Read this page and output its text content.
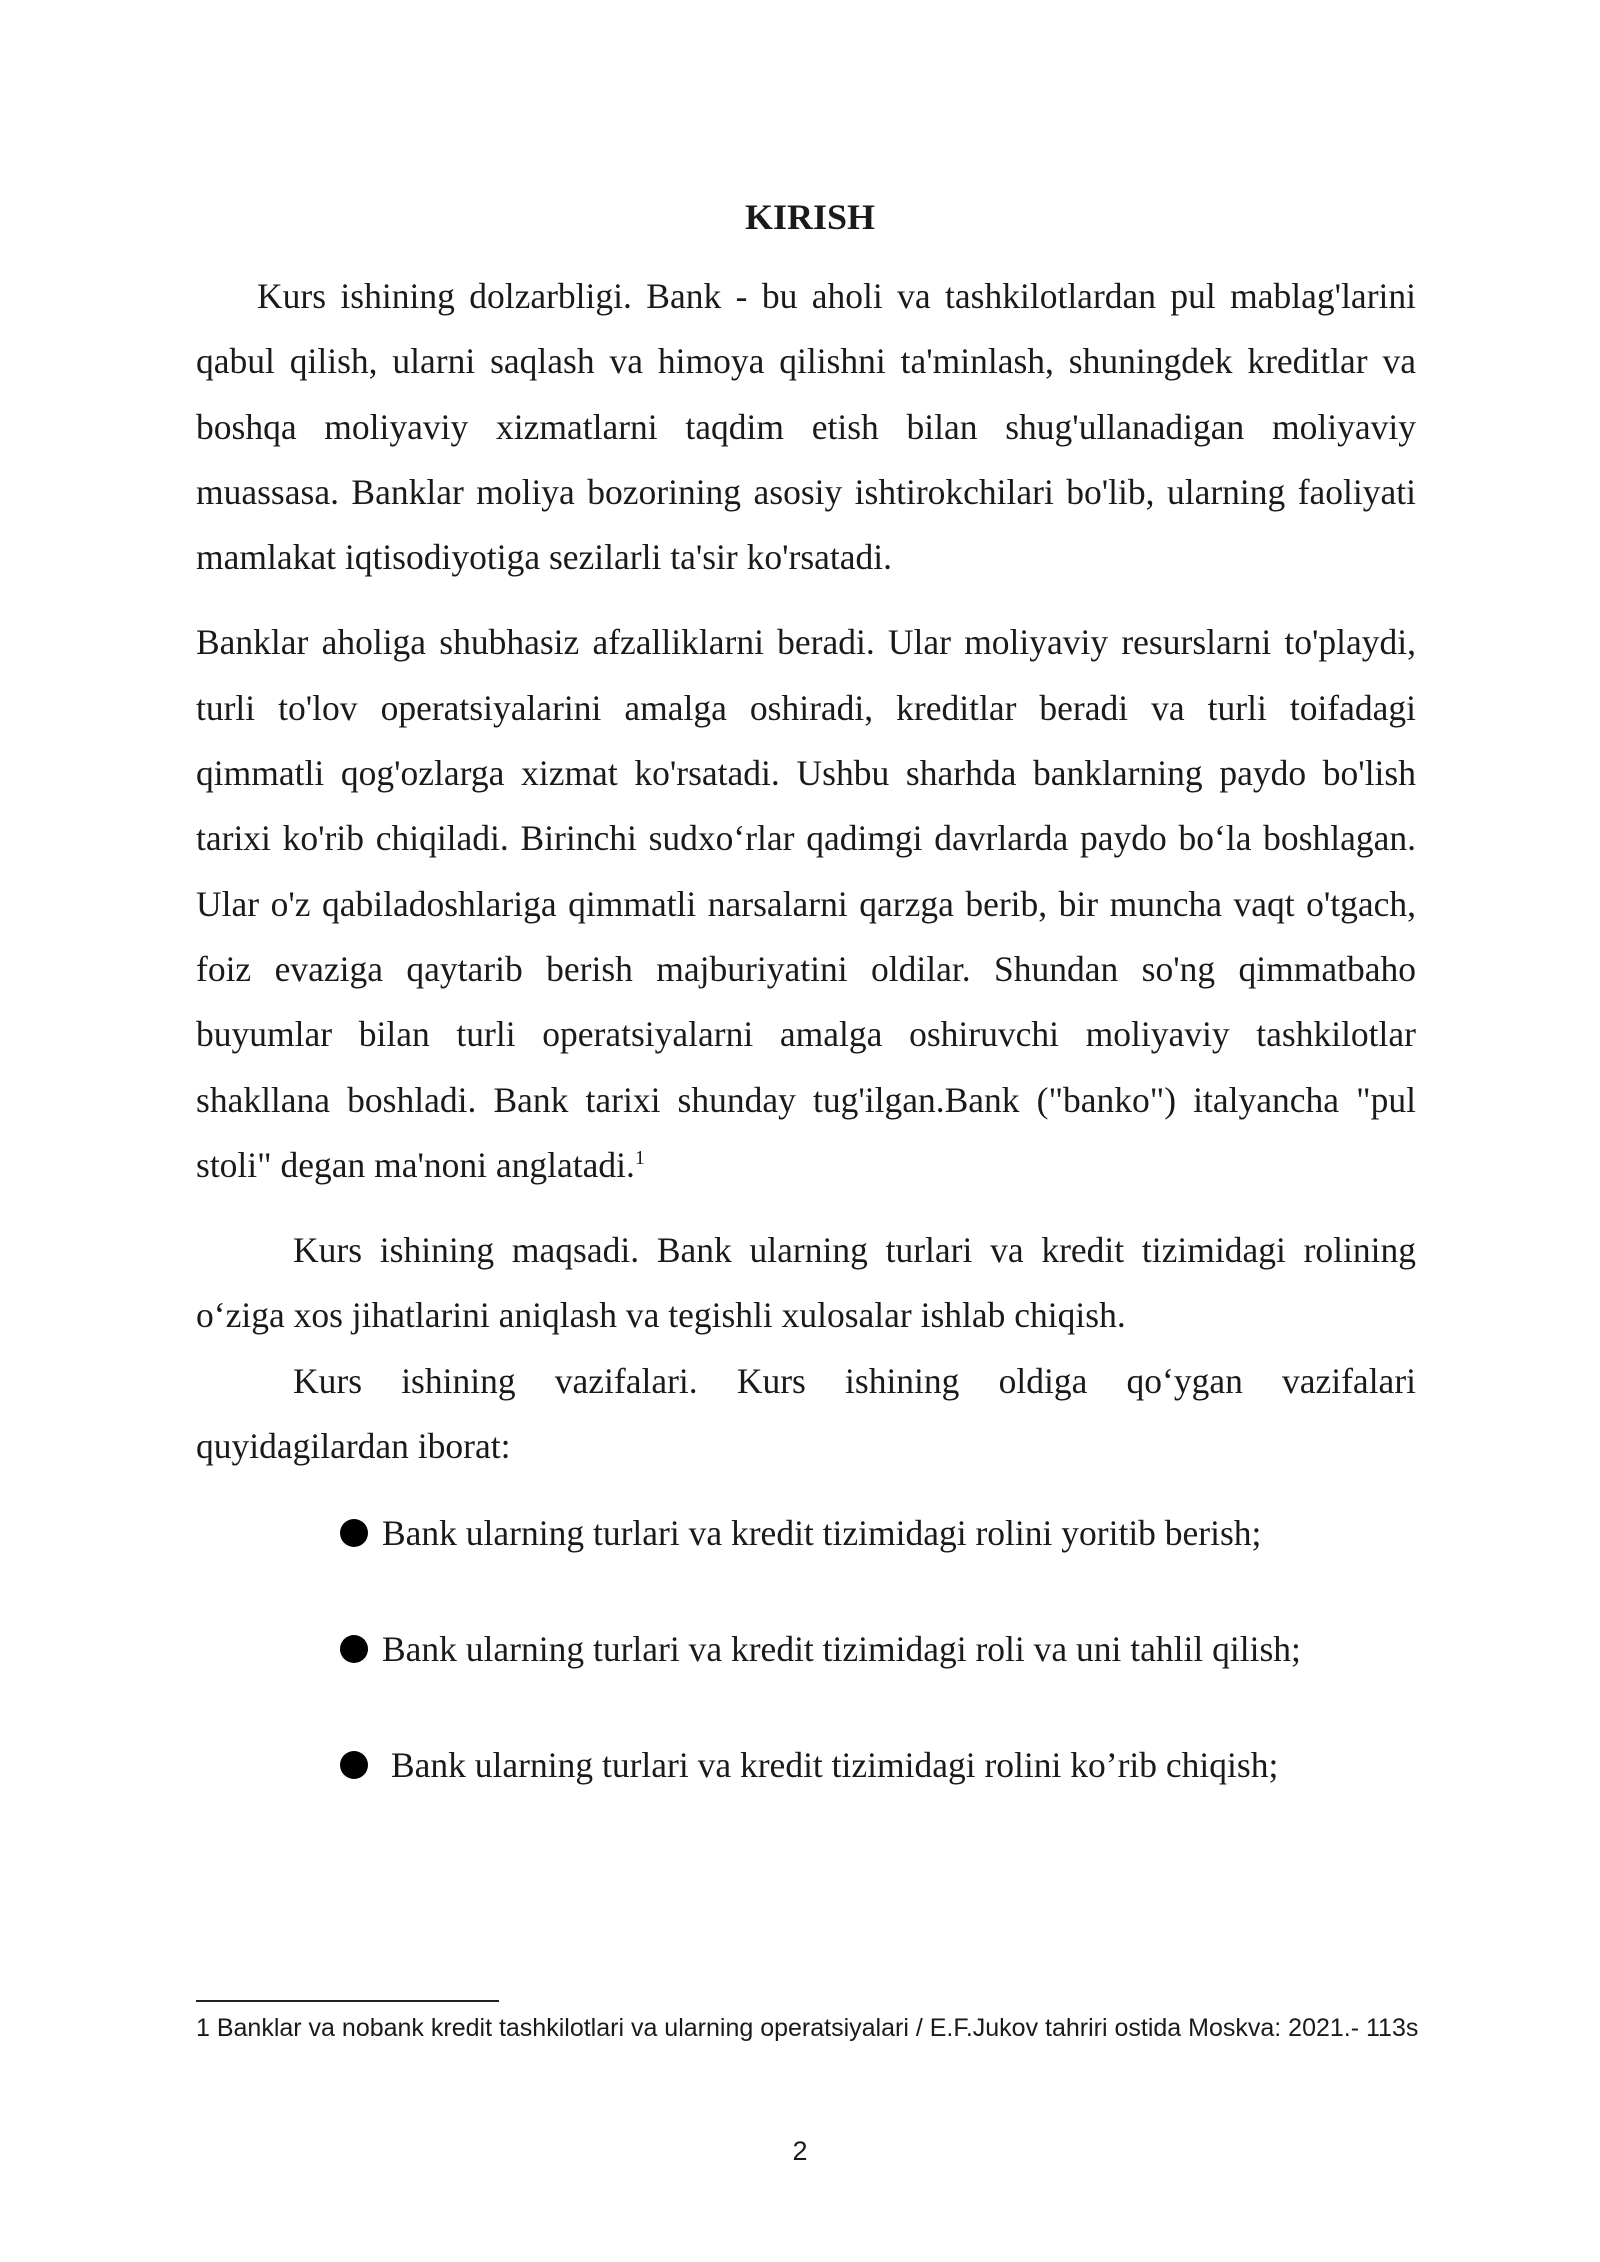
KIRISH

Kurs ishining dolzarbligi. Bank - bu aholi va tashkilotlardan pul mablag'larini qabul qilish, ularni saqlash va himoya qilishni ta'minlash, shuningdek kreditlar va boshqa moliyaviy xizmatlarni taqdim etish bilan shug'ullanadigan moliyaviy muassasa. Banklar moliya bozorining asosiy ishtirokchilari bo'lib, ularning faoliyati mamlakat iqtisodiyotiga sezilarli ta'sir ko'rsatadi.

Banklar aholiga shubhasiz afzalliklarni beradi. Ular moliyaviy resurslarni to'playdi, turli to'lov operatsiyalarini amalga oshiradi, kreditlar beradi va turli toifadagi qimmatli qog'ozlarga xizmat ko'rsatadi. Ushbu sharhda banklarning paydo bo'lish tarixi ko'rib chiqiladi. Birinchi sudxo‘rlar qadimgi davrlarda paydo bo‘la boshlagan. Ular o'z qabiladoshlariga qimmatli narsalarni qarzga berib, bir muncha vaqt o'tgach, foiz evaziga qaytarib berish majburiyatini oldilar. Shundan so'ng qimmatbaho buyumlar bilan turli operatsiyalarni amalga oshiruvchi moliyaviy tashkilotlar shakllana boshladi. Bank tarixi shunday tug'ilgan.Bank ("banko") italyancha "pul stoli" degan ma'noni anglatadi.$^1$

Kurs ishining maqsadi. Bank ularning turlari va kredit tizimidagi rolining o‘ziga xos jihatlarini aniqlash va tegishli xulosalar ishlab chiqish.

Kurs ishining vazifalari. Kurs ishining oldiga qo‘ygan vazifalari quyidagilardan iborat:

Bank ularning turlari va kredit tizimidagi rolini yoritib berish;
Bank ularning turlari va kredit tizimidagi roli va uni tahlil qilish;
Bank ularning turlari va kredit tizimidagi rolini ko’rib chiqish;
1 Banklar va nobank kredit tashkilotlari va ularning operatsiyalari / E.F.Jukov tahriri ostida Moskva: 2021.- 113s
2
